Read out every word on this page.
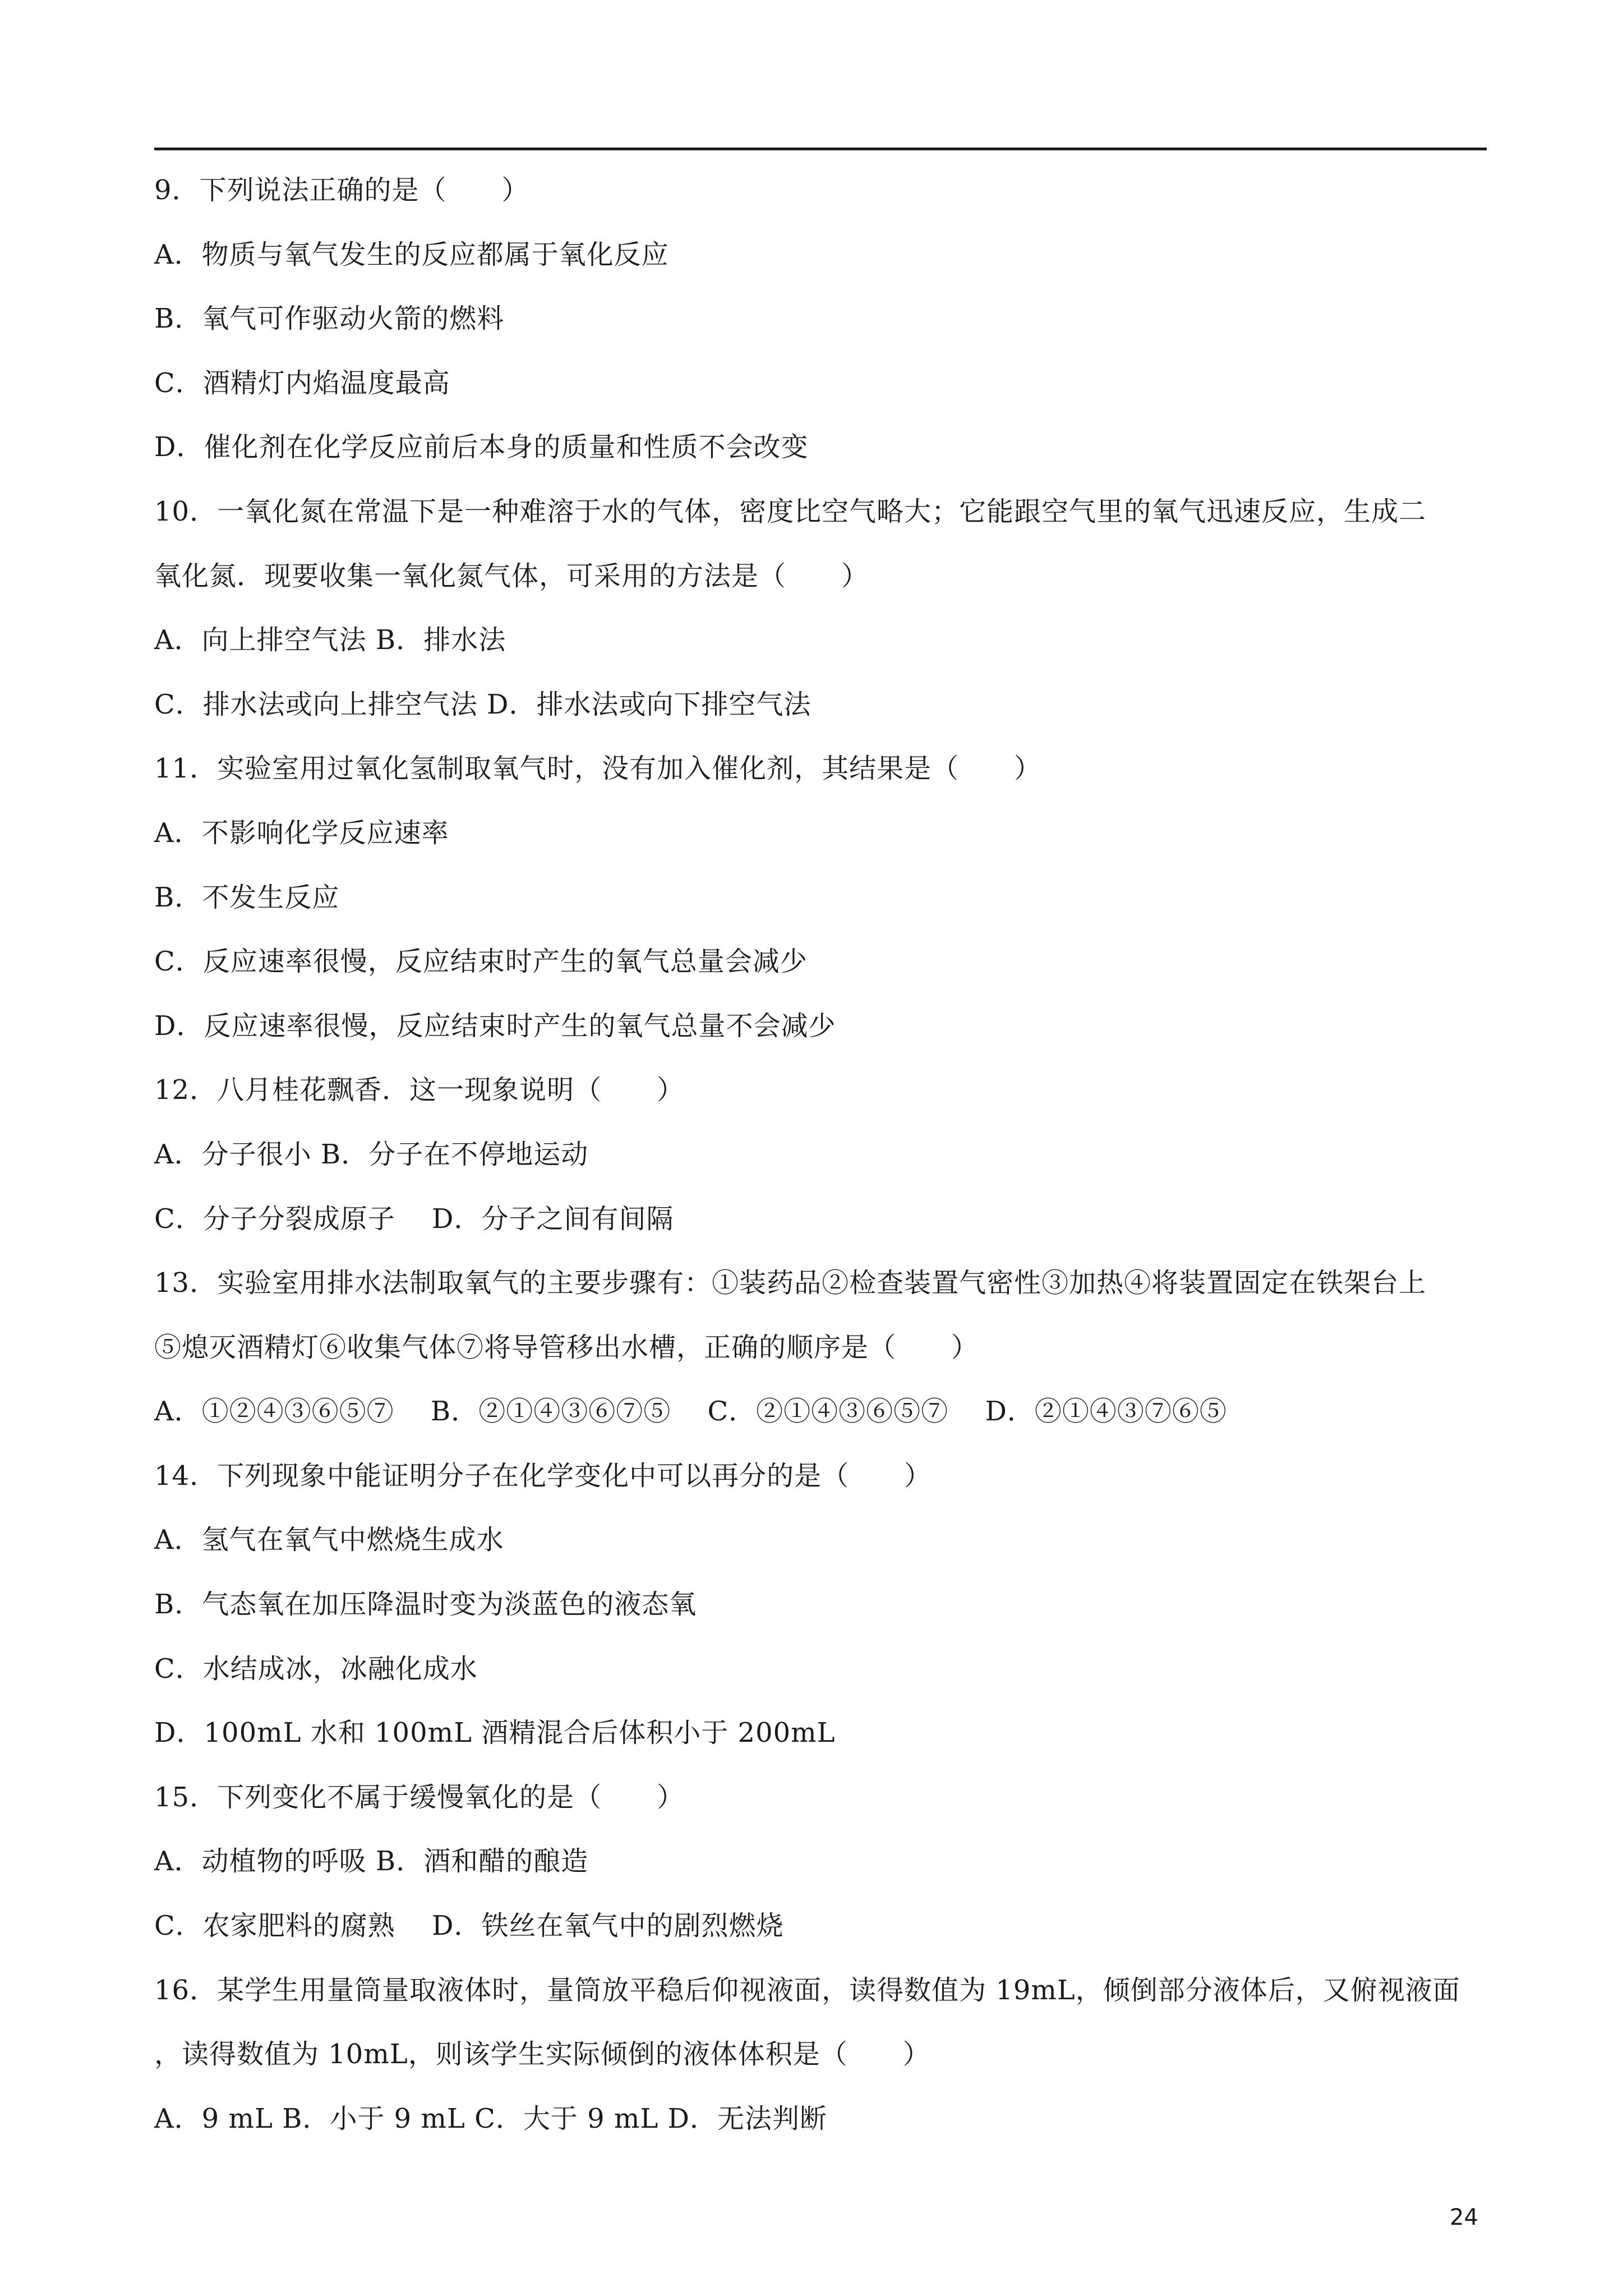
9．下列说法正确的是（　　）
A．物质与氧气发生的反应都属于氧化反应
B．氧气可作驱动火箭的燃料
C．酒精灯内焰温度最高
D．催化剂在化学反应前后本身的质量和性质不会改变
10．一氧化氮在常温下是一种难溶于水的气体，密度比空气略大；它能跟空气里的氧气迅速反应，生成二
氧化氮．现要收集一氧化氮气体，可采用的方法是（　　）
A．向上排空气法 B．排水法
C．排水法或向上排空气法 D．排水法或向下排空气法
11．实验室用过氧化氢制取氧气时，没有加入催化剂，其结果是（　　）
A．不影响化学反应速率
B．不发生反应
C．反应速率很慢，反应结束时产生的氧气总量会减少
D．反应速率很慢，反应结束时产生的氧气总量不会减少
12．八月桂花飘香．这一现象说明（　　）
A．分子很小 B．分子在不停地运动
C．分子分裂成原子　 D．分子之间有间隔
13．实验室用排水法制取氧气的主要步骤有：①装药品②检查装置气密性③加热④将装置固定在铁架台上
⑤熄灭酒精灯⑥收集气体⑦将导管移出水槽，正确的顺序是（　　）
A．①②④③⑥⑤⑦　 B．②①④③⑥⑦⑤　 C．②①④③⑥⑤⑦　 D．②①④③⑦⑥⑤
14．下列现象中能证明分子在化学变化中可以再分的是（　　）
A．氢气在氧气中燃烧生成水
B．气态氧在加压降温时变为淡蓝色的液态氧
C．水结成冰，冰融化成水
D．100mL 水和 100mL 酒精混合后体积小于 200mL
15．下列变化不属于缓慢氧化的是（　　）
A．动植物的呼吸 B．酒和醋的酿造
C．农家肥料的腐熟　 D．铁丝在氧气中的剧烈燃烧
16．某学生用量筒量取液体时，量筒放平稳后仰视液面，读得数值为 19mL，倾倒部分液体后，又俯视液面
，读得数值为 10mL，则该学生实际倾倒的液体体积是（　　）
A．9 mL B．小于 9 mL C．大于 9 mL D．无法判断
24
